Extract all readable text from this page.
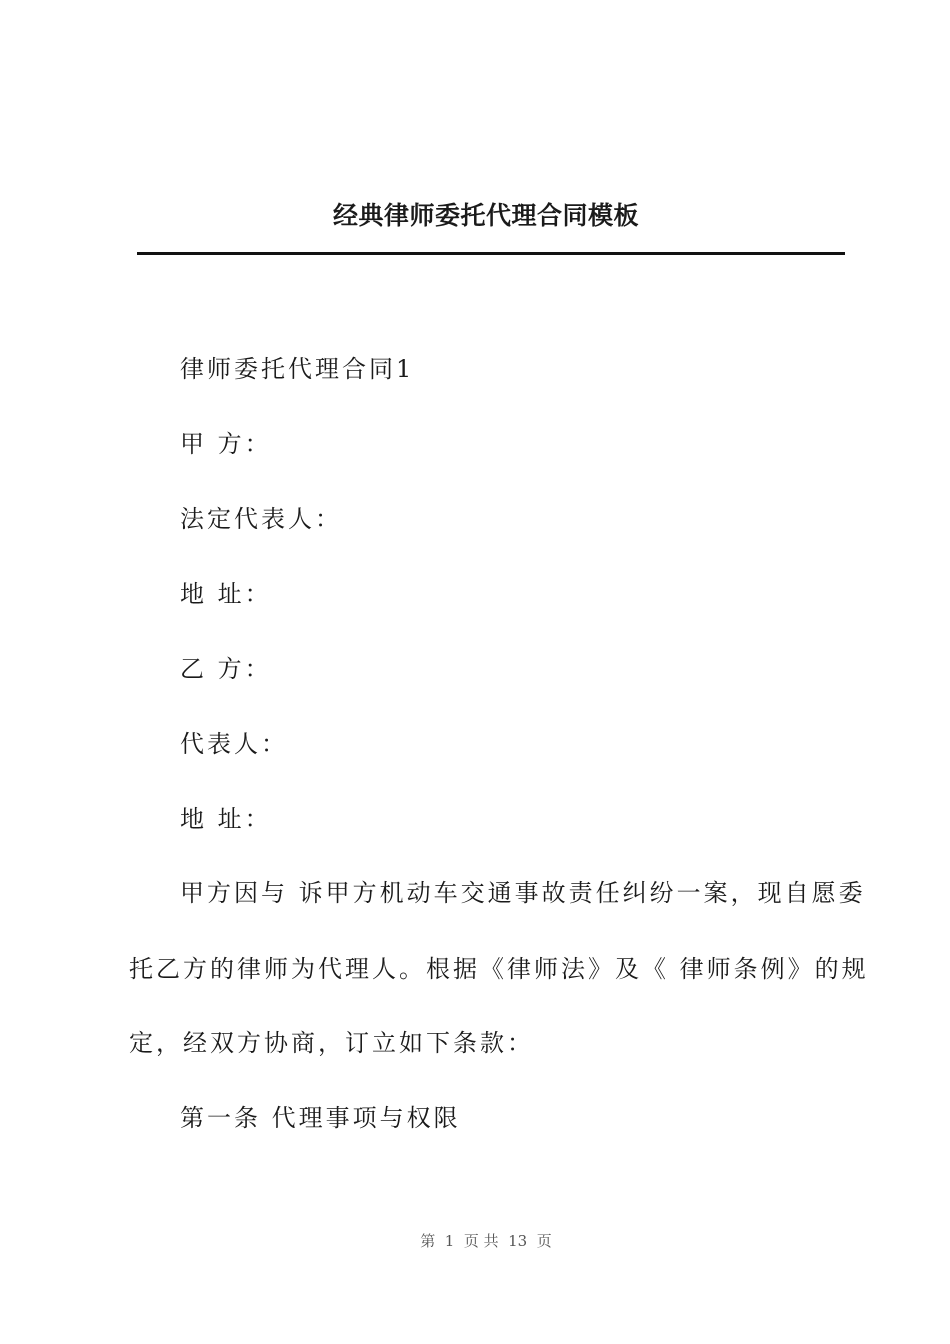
经典律师委托代理合同模板
律师委托代理合同1
甲 方：
法定代表人：
地 址：
乙 方：
代表人：
地 址：
甲方因与 诉甲方机动车交通事故责任纠纷一案，现自愿委
托乙方的律师为代理人。根据《律师法》及《 律师条例》的规
定，经双方协商，订立如下条款：
第一条 代理事项与权限
第  1  页 共  13  页
